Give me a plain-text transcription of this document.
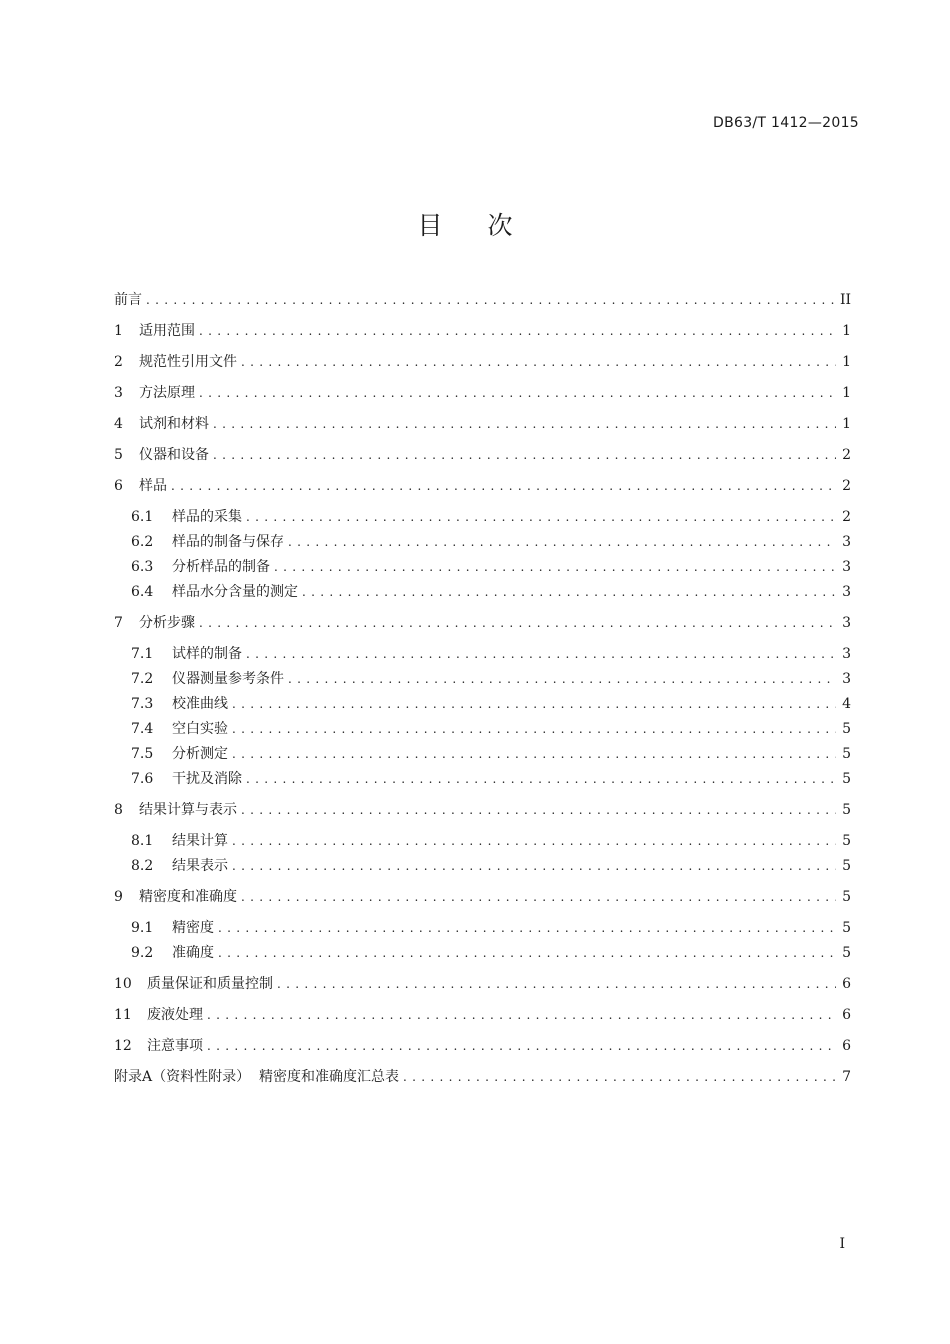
DB63/T 1412—2015
目次
前言 . . .	II
1	适用范围 . . .	1
2	规范性引用文件 . . .	1
3	方法原理 . . .	1
4	试剂和材料 . . .	1
5	仪器和设备 . . .	2
6	样品 . . .	2
6.1	样品的采集 . . .	2
6.2	样品的制备与保存 . . .	3
6.3	分析样品的制备 . . .	3
6.4	样品水分含量的测定 . . .	3
7	分析步骤 . . .	3
7.1	试样的制备 . . .	3
7.2	仪器测量参考条件 . . .	3
7.3	校准曲线 . . .	4
7.4	空白实验 . . .	5
7.5	分析测定 . . .	5
7.6	干扰及消除 . . .	5
8	结果计算与表示 . . .	5
8.1	结果计算 . . .	5
8.2	结果表示 . . .	5
9	精密度和准确度 . . .	5
9.1	精密度 . . .	5
9.2	准确度 . . .	5
10	质量保证和质量控制 . . .	6
11	废液处理 . . .	6
12	注意事项 . . .	6
附录A（资料性附录）  精密度和准确度汇总表 . . .	7
I
